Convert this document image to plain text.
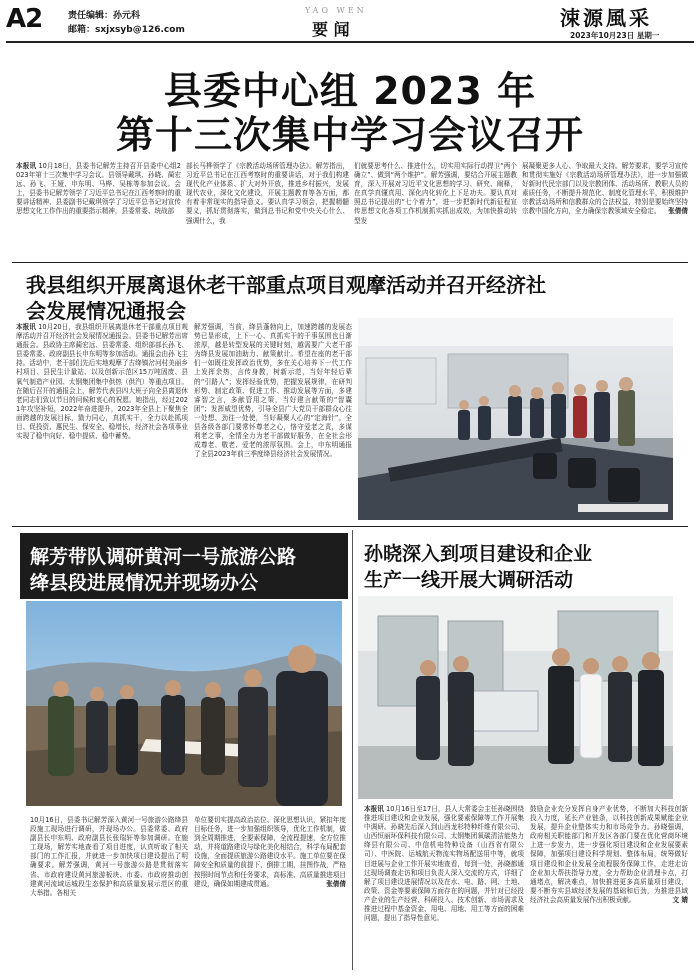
A2	责任编辑：孙元科
邮箱：sxjxsyb@126.com
YAO WEN
要 闻	涑源風采
2023年10月23日 星期一
县委中心组 2023 年
第十三次集中学习会议召开
本报讯 10月18日，县委书记解芳主持召开县委中心组2023年第十三次集中学习会议。县领导戴琪、孙晓、蔺宏远、孙飞、王娅、申东明、马桦、吴栋等参加会议。会上，县委书记解芳领学了习近平总书记在江西考察时的重要讲话精神、县委副书记戴琪领学了习近平总书记对宣传思想文化工作作出的重要指示精神，县委常委、统战部
部长马桦领学了《宗教活动场所管理办法》。解芳指出，习近平总书记在江西考察时的重要讲话，对于我们构建现代化产业体系、扩大对外开放，推进乡村振兴，发展现代农业，深化文化建设，开展主题教育等各方面，都有着非常现实的指导意义。要认真学习领会，把握精髓要义，抓好贯彻落实，做到总书记和党中央关心什么、强调什么，我
们就要思考什么、推进什么，切实用实际行动捍卫“两个确立”、做到“两个维护”。解芳强调，要结合开展主题教育，深入开展对习近平文化思想的学习、研究、阐释，在真学真懂真用、深化内化转化上下足功夫。要认真对照总书记提出的“七个着力”，进一步把新时代新征程宣传思想文化各项工作机制抓实抓出成效，为加快推动转型发
展凝聚更多人心、争取最大支持。解芳要求，要学习宣传和贯彻实施好《宗教活动场所管理办法》，进一步加强做好新时代民宗部门以及宗教团体、活动场所、教职人员的素质任务，不断提升规范化、制度化管理水平，积极维护宗教活动场所和信教群众的合法权益，特别是要始终坚持宗教中国化方向，全力确保宗教领域安全稳定。 张倩倩
我县组织开展离退休老干部重点项目观摩活动并召开经济社
会发展情况通报会
本报讯 10月20日，我县组织开展离退休老干部重点项目观摩活动并召开经济社会发展情况通报会。县委书记解芳出席通报会。县政协主席蔺宏远、县委常委、组织部部长孙飞、县委常委、政府副县长申东明等参加活动。通报会由孙飞主持。活动中，老干部们先后实地观摩了古绛镇岔河村美丽乡村项目、县民生计量站、以及创新示范区15万吨固废、县氧气制造产业园、太钢集团集中供热（供汽）等重点项目。在随后召开的通报会上，解芳代表县四大班子向全县离退休老同志们致以节日的问候和衷心的祝愿。她指出，经过2021年攻坚补短，2022年奋进提升，2023年全县上下聚焦全面跨越的发展目标，勠力同心，真抓实干，全力以赴抓项目、促投资、惠民生、保安全、稳增长，经济社会各项事业实现了稳中向好、稳中提质、稳中蓄势。
解芳强调，当前，绛县蓬勃向上，加速跨越的发展态势已显形成，上下一心、真抓实干的干事氛围也日渐浓厚，越是转型发展的关键时刻，越需要广大老干部为绛县发展加油助力、献策献计。希望在座的老干部们一如既往发挥政治优势，多在关心培养下一代工作上发挥余热，言传身教，树新示范，当好年轻后辈的“引路人”；发挥经验优势，把握发展规律，在研判形势、制定政策、促进工作、推动发展等方面，多建睿智之言，多献管用之策，当好建言献策的“智囊团”；发挥威望优势，引导全县广大党员干部群众心往一处想、劲往一处使，当好凝聚人心的“定海针”。全县各级各部门要常怀尊老之心，恪守爱老之责，多谋利老之事，全情全力为老干部做好服务，在全社会形成尊老、敬老、爱老的浓厚氛围。会上，申东明通报了全县2023年前三季度绛县经济社会发展情况。
解芳带队调研黄河一号旅游公路
绛县段进展情况并现场办公
10月16日，县委书记解芳深入黄河一号旅游公路绛县段施工现场进行调研，并现场办公。县委常委、政府副县长申东明、政府副县长张瑞轩等参加调研。在施工现场，解芳实地查看了项目进度，认真听取了相关部门的工作汇报，并就进一步加快项目建设提出了明确要求。解芳强调，黄河一号旅游公路是贯彻落实省、市政府建设黄河旅游板块、市委、市政府推动创建黄河流域运城段生态保护和高质量发展示范区的重大举措。各相关
单位要切实提高政治站位、深化思想认识，紧扣年度目标任务，进一步加强组织领导，优化工作机制，做到全周期推进，全要素保障，全流程提速，全方位推动，并将道路建设与绿化美化相结合，科学布局配套设施，全面提质旅游公路建设水平。施工单位要在保障安全和质量的前提下，倒排工期，挂图作战，严格按照时间节点和任务要求，高标准、高质量推进项目建设，确保如期建成贯通。	张倩倩
孙晓深入到项目建设和企业
生产一线开展大调研活动
本报讯 10月16日至17日，县人大常委会主任孙晓围绕推进项目建设和企业发展，强化要素保障等工作开展集中调研。孙晓先后深入到山西龙杉特种纤维有限公司、山西恒丽环保科技有限公司、太钢集团氧碳清洁能热力绛县有限公司、中信机电特种设备（山西省有限公司）、中医院、运城航天物流实物场配送用中等，就项目进展与企业工作开展实地查看，每到一处，孙晓都通过现场调查走访和项目负责人深入交流的方式，详细了解了项目建设进展情况以及在水、电、路、网、土地、政策、资金等要素保障方面存在的问题，并针对已经投产企业的生产经营、科研投入、技术创新、市场需求及推进过程中基金资金、用电、用地、用工等方面的困难问题，提出了指导性意见。
鼓励企业充分发挥自身产业优势，不断加大科技创新投入力度，延长产业链条，以科技创新成果赋能企业发展，提升企业整体实力和市场竞争力。孙晓强调，政府相关职能部门和开发区各部门要在优化营商环境上进一步发力，进一步强化项目建设和企业发展要素保障，加强项目建设科学规划、整体布局，统筹做好项目建设和企业发展全流程服务保障工作，走进走访企业加大帮扶指导力度，全力帮助企业清理卡点，打通堵点，解决难点，加快推进更多高质量项目建设，要不断夯实县域经济发展的基础和后劲，为推进县域经济社会高质量发展作出积极贡献。	文 婧
